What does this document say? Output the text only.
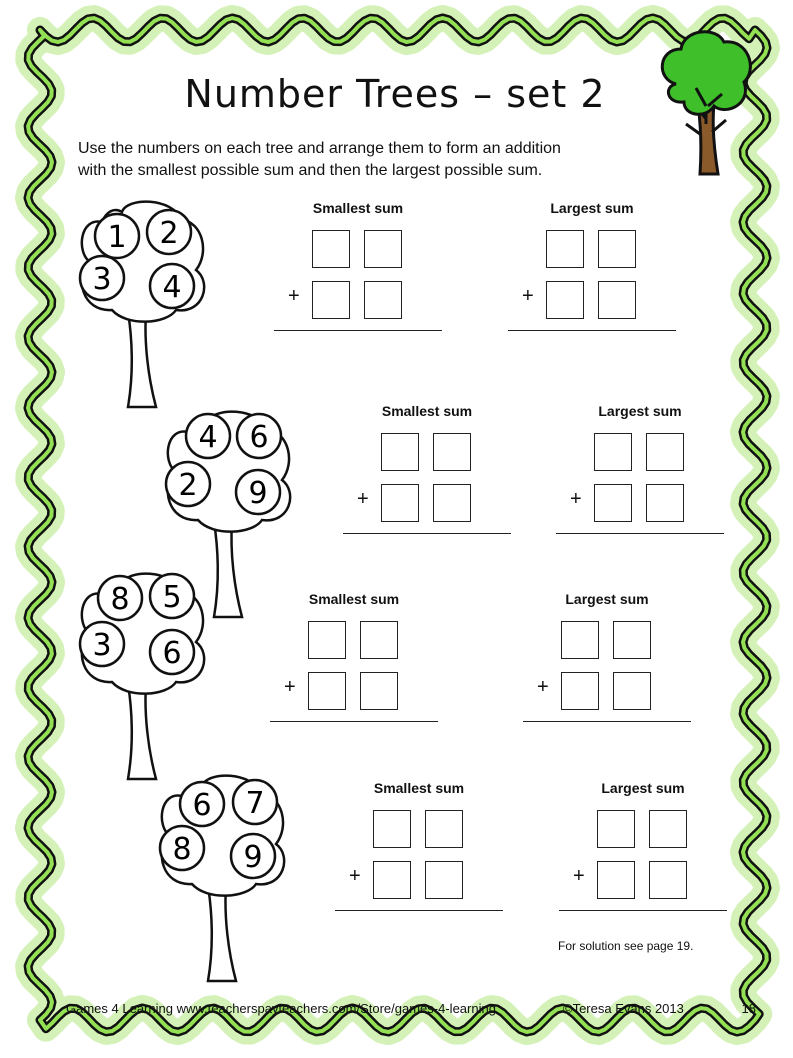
Number Trees – set 2
Use the numbers on each tree and arrange them to form an addition
with the smallest possible sum and then the largest possible sum.
1 2
3 4
4 6
2 9
8 5
3 6
6 7
8 9
Smallest sum
+
Largest sum
+
Smallest sum
+
Largest sum
+
Smallest sum
+
Largest sum
+
Smallest sum
+
Largest sum
+
For solution see page 19.
Games 4 Learning www.teacherspayteachers.com/Store/games-4-learning	©Teresa Evans 2013	18
